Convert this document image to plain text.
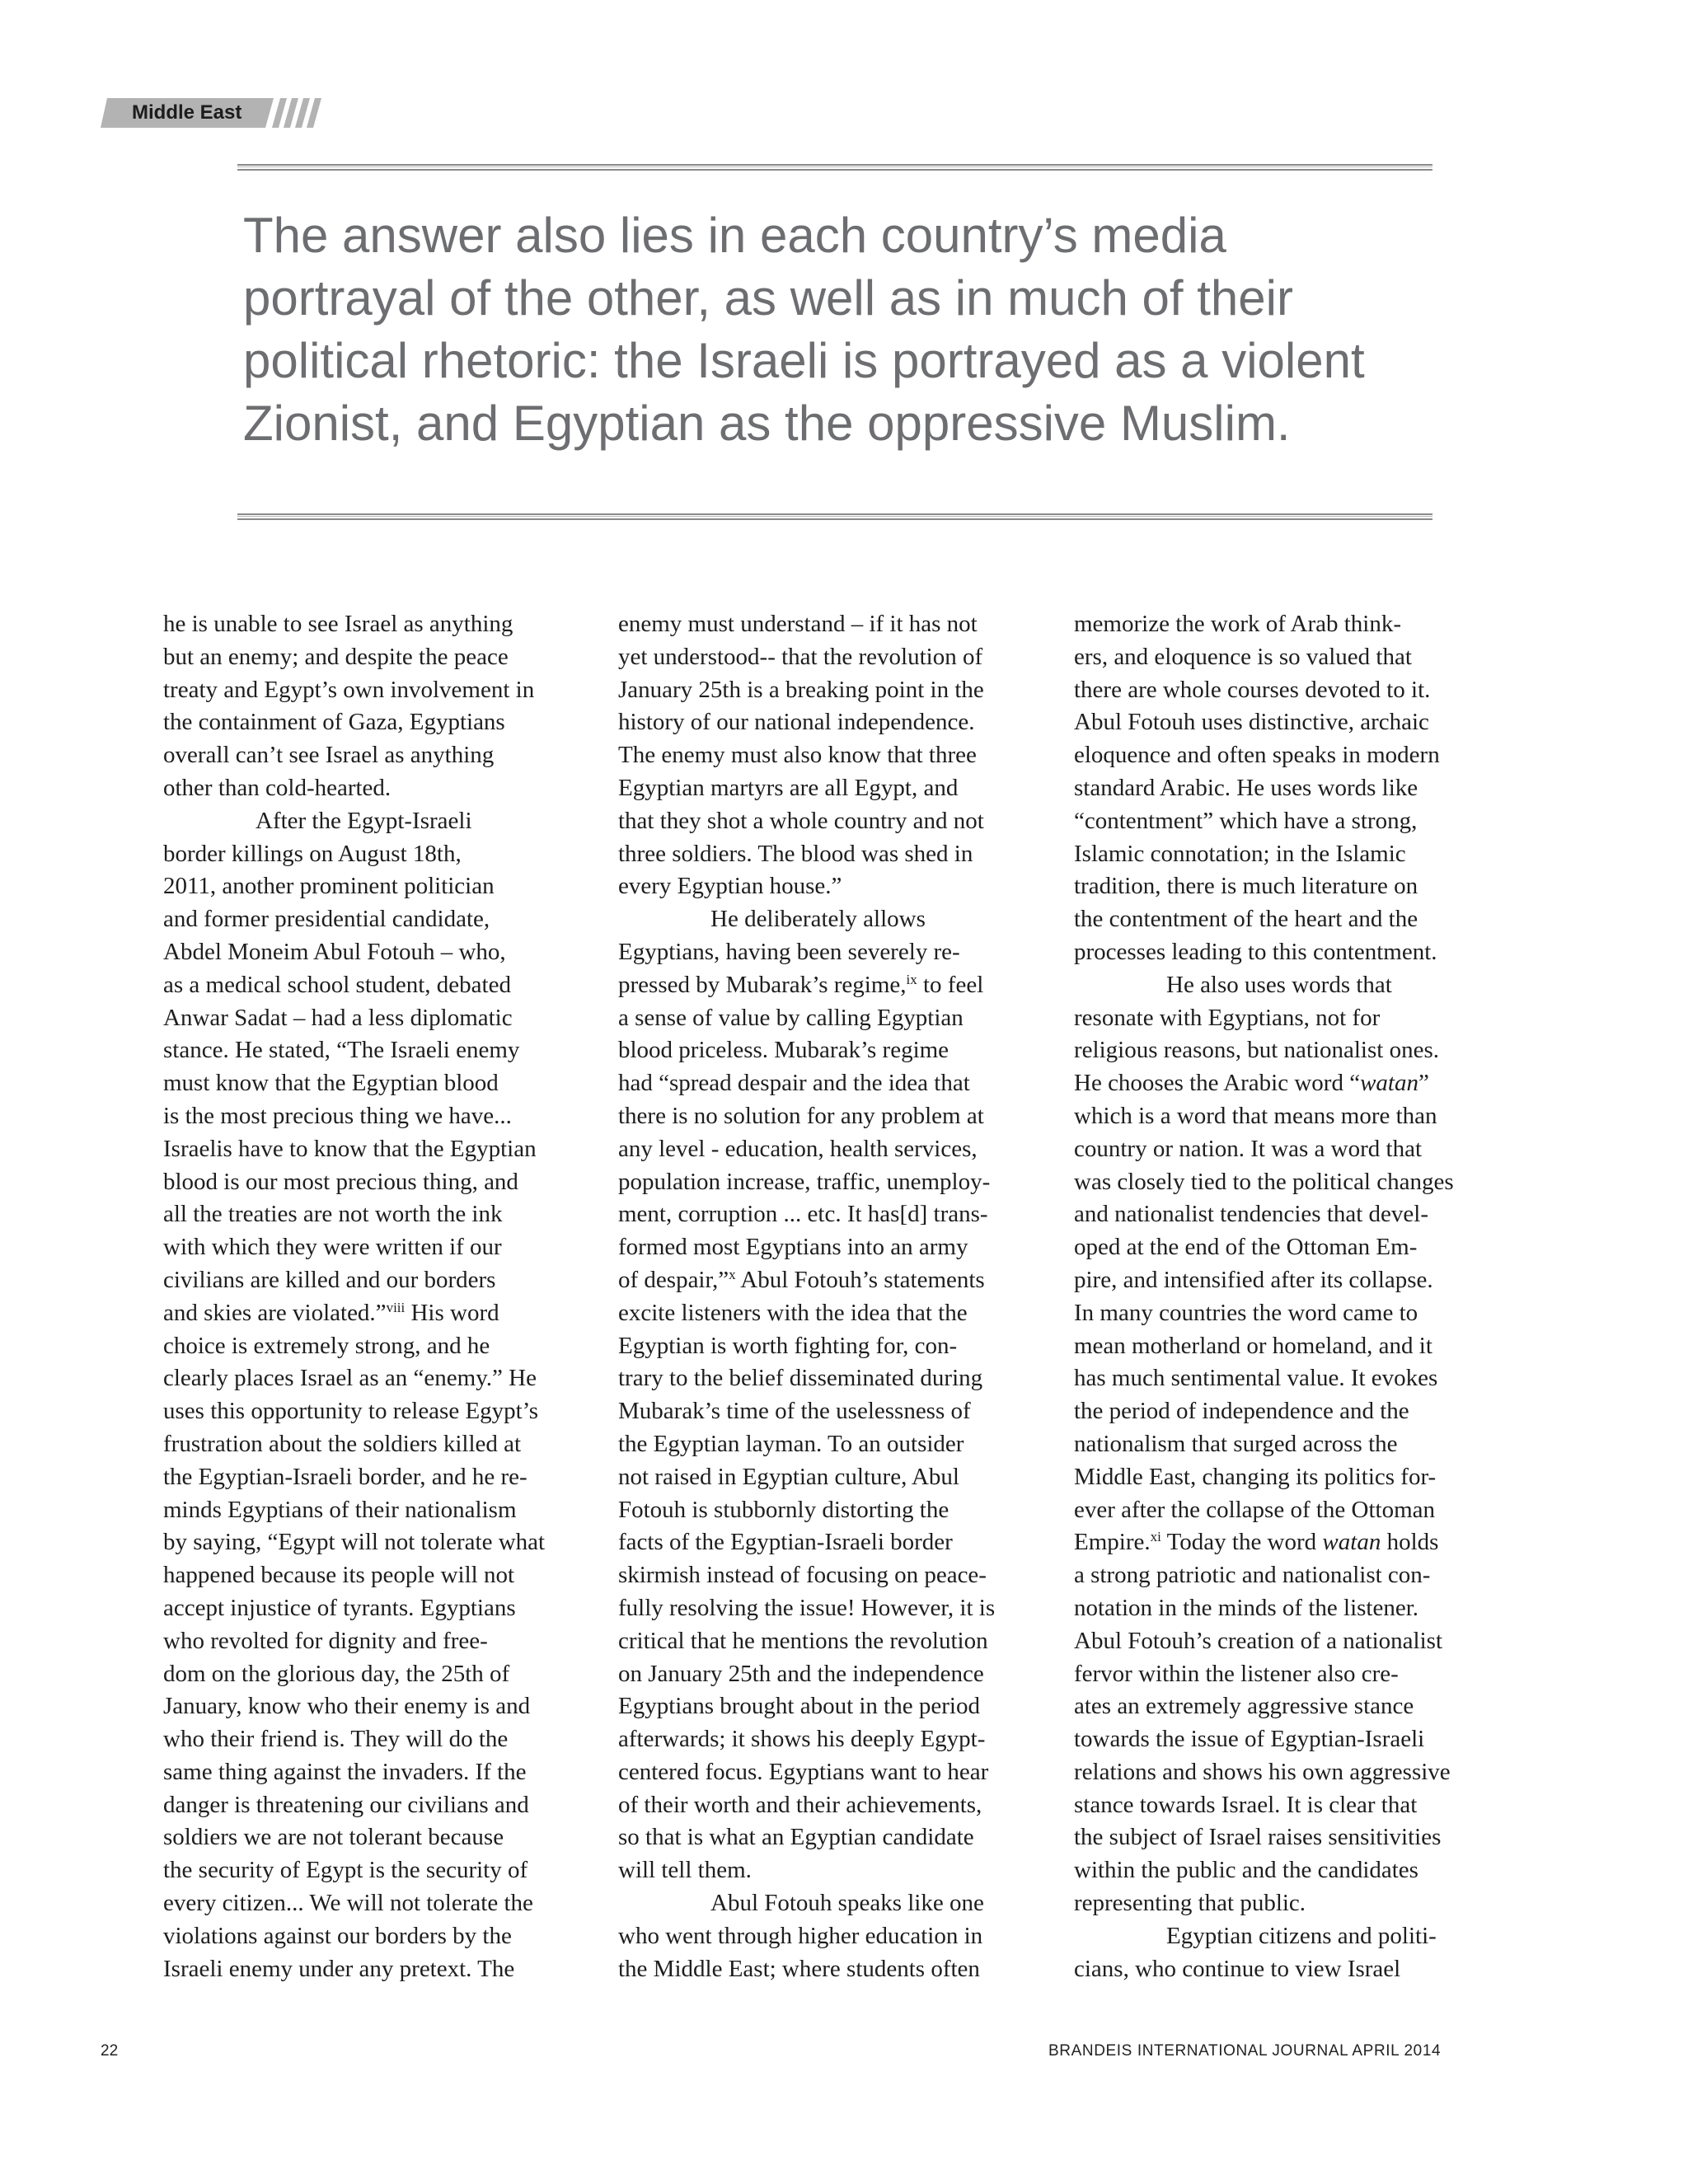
Middle East

The answer also lies in each country’s media portrayal of the other, as well as in much of their political rhetoric: the Israeli is portrayed as a violent Zionist, and Egyptian as the oppressive Muslim.

he is unable to see Israel as anything
but an enemy; and despite the peace
treaty and Egypt’s own involvement in
the containment of Gaza, Egyptians
overall can’t see Israel as anything
other than cold-hearted.
After the Egypt-Israeli
border killings on August 18th,
2011, another prominent politician
and former presidential candidate,
Abdel Moneim Abul Fotouh – who,
as a medical school student, debated
Anwar Sadat – had a less diplomatic
stance. He stated, “The Israeli enemy
must know that the Egyptian blood
is the most precious thing we have...
Israelis have to know that the Egyptian
blood is our most precious thing, and
all the treaties are not worth the ink
with which they were written if our
civilians are killed and our borders
and skies are violated.”$^{viii}$ His word
choice is extremely strong, and he
clearly places Israel as an “enemy.” He
uses this opportunity to release Egypt’s
frustration about the soldiers killed at
the Egyptian-Israeli border, and he re-
minds Egyptians of their nationalism
by saying, “Egypt will not tolerate what
happened because its people will not
accept injustice of tyrants. Egyptians
who revolted for dignity and free-
dom on the glorious day, the 25th of
January, know who their enemy is and
who their friend is. They will do the
same thing against the invaders. If the
danger is threatening our civilians and
soldiers we are not tolerant because
the security of Egypt is the security of
every citizen... We will not tolerate the
violations against our borders by the
Israeli enemy under any pretext. The
enemy must understand – if it has not
yet understood-- that the revolution of
January 25th is a breaking point in the
history of our national independence.
The enemy must also know that three
Egyptian martyrs are all Egypt, and
that they shot a whole country and not
three soldiers. The blood was shed in
every Egyptian house.”
He deliberately allows
Egyptians, having been severely re-
pressed by Mubarak’s regime,$^{ix}$ to feel
a sense of value by calling Egyptian
blood priceless. Mubarak’s regime
had “spread despair and the idea that
there is no solution for any problem at
any level - education, health services,
population increase, traffic, unemploy-
ment, corruption ... etc. It has[d] trans-
formed most Egyptians into an army
of despair,”$^x$ Abul Fotouh’s statements
excite listeners with the idea that the
Egyptian is worth fighting for, con-
trary to the belief disseminated during
Mubarak’s time of the uselessness of
the Egyptian layman. To an outsider
not raised in Egyptian culture, Abul
Fotouh is stubbornly distorting the
facts of the Egyptian-Israeli border
skirmish instead of focusing on peace-
fully resolving the issue! However, it is
critical that he mentions the revolution
on January 25th and the independence
Egyptians brought about in the period
afterwards; it shows his deeply Egypt-
centered focus. Egyptians want to hear
of their worth and their achievements,
so that is what an Egyptian candidate
will tell them.
Abul Fotouh speaks like one
who went through higher education in
the Middle East; where students often
memorize the work of Arab think-
ers, and eloquence is so valued that
there are whole courses devoted to it.
Abul Fotouh uses distinctive, archaic
eloquence and often speaks in modern
standard Arabic. He uses words like
“contentment” which have a strong,
Islamic connotation; in the Islamic
tradition, there is much literature on
the contentment of the heart and the
processes leading to this contentment.
He also uses words that
resonate with Egyptians, not for
religious reasons, but nationalist ones.
He chooses the Arabic word “watan”
which is a word that means more than
country or nation. It was a word that
was closely tied to the political changes
and nationalist tendencies that devel-
oped at the end of the Ottoman Em-
pire, and intensified after its collapse.
In many countries the word came to
mean motherland or homeland, and it
has much sentimental value. It evokes
the period of independence and the
nationalism that surged across the
Middle East, changing its politics for-
ever after the collapse of the Ottoman
Empire.$^{xi}$ Today the word watan holds
a strong patriotic and nationalist con-
notation in the minds of the listener.
Abul Fotouh’s creation of a nationalist
fervor within the listener also cre-
ates an extremely aggressive stance
towards the issue of Egyptian-Israeli
relations and shows his own aggressive
stance towards Israel. It is clear that
the subject of Israel raises sensitivities
within the public and the candidates
representing that public.
Egyptian citizens and politi-
cians, who continue to view Israel
22	BRANDEIS INTERNATIONAL JOURNAL APRIL 2014
